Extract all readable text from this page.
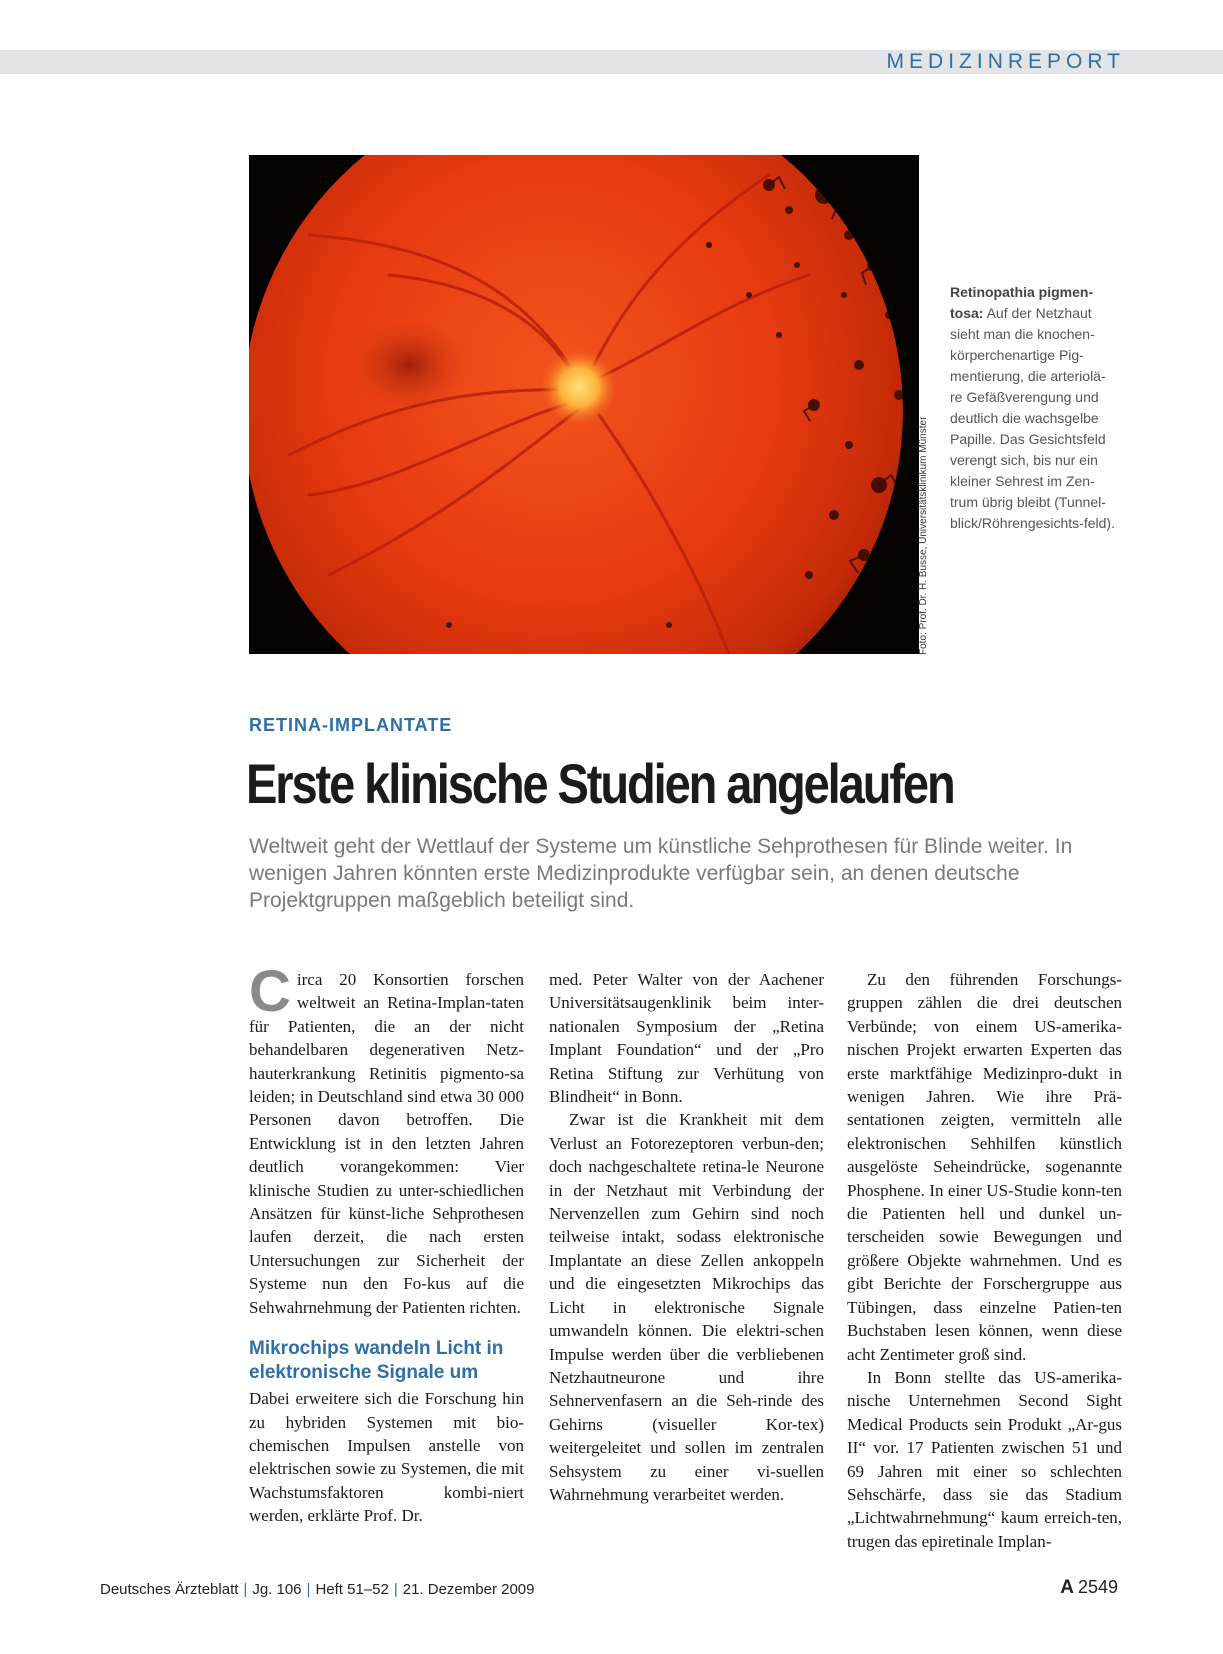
MEDIZINREPORT
Foto: Prof. Dr. H. Busse, Universitätsklinikum Münster
Retinopathia pigmen-tosa: Auf der Netzhaut sieht man die knochen-körperchenartige Pig-mentierung, die arteriolä-re Gefäßverengung und deutlich die wachsgelbe Papille. Das Gesichtsfeld verengt sich, bis nur ein kleiner Sehrest im Zen-trum übrig bleibt (Tunnel-blick/Röhrengesichts-feld).
RETINA-IMPLANTATE
Erste klinische Studien angelaufen
Weltweit geht der Wettlauf der Systeme um künstliche Sehprothesen für Blinde weiter. In wenigen Jahren könnten erste Medizinprodukte verfügbar sein, an denen deutsche Projektgruppen maßgeblich beteiligt sind.

Circa 20 Konsortien forschen weltweit an Retina-Implan-taten für Patienten, die an der nicht behandelbaren degenerativen Netz-hauterkrankung Retinitis pigmento-sa leiden; in Deutschland sind etwa 30 000 Personen davon betroffen. Die Entwicklung ist in den letzten Jahren deutlich vorangekommen: Vier klinische Studien zu unter-schiedlichen Ansätzen für künst-liche Sehprothesen laufen derzeit, die nach ersten Untersuchungen zur Sicherheit der Systeme nun den Fo-kus auf die Sehwahrnehmung der Patienten richten.

Mikrochips wandeln Licht in elektronische Signale um

Dabei erweitere sich die Forschung hin zu hybriden Systemen mit bio-chemischen Impulsen anstelle von elektrischen sowie zu Systemen, die mit Wachstumsfaktoren kombi-niert werden, erklärte Prof. Dr.

med. Peter Walter von der Aachener Universitätsaugenklinik beim inter-nationalen Symposium der „Retina Implant Foundation“ und der „Pro Retina Stiftung zur Verhütung von Blindheit“ in Bonn.

Zwar ist die Krankheit mit dem Verlust an Fotorezeptoren verbun-den; doch nachgeschaltete retina-le Neurone in der Netzhaut mit Verbindung der Nervenzellen zum Gehirn sind noch teilweise intakt, sodass elektronische Implantate an diese Zellen ankoppeln und die eingesetzten Mikrochips das Licht in elektronische Signale umwandeln können. Die elektri-schen Impulse werden über die verbliebenen Netzhautneurone und ihre Sehnervenfasern an die Seh-rinde des Gehirns (visueller Kor-tex) weitergeleitet und sollen im zentralen Sehsystem zu einer vi-suellen Wahrnehmung verarbeitet werden.

Zu den führenden Forschungs-gruppen zählen die drei deutschen Verbünde; von einem US-amerika-nischen Projekt erwarten Experten das erste marktfähige Medizinpro-dukt in wenigen Jahren. Wie ihre Prä-sentationen zeigten, vermitteln alle elektronischen Sehhilfen künstlich ausgelöste Seheindrücke, sogenannte Phosphene. In einer US-Studie konn-ten die Patienten hell und dunkel un-terscheiden sowie Bewegungen und größere Objekte wahrnehmen. Und es gibt Berichte der Forschergruppe aus Tübingen, dass einzelne Patien-ten Buchstaben lesen können, wenn diese acht Zentimeter groß sind.

In Bonn stellte das US-amerika-nische Unternehmen Second Sight Medical Products sein Produkt „Ar-gus II“ vor. 17 Patienten zwischen 51 und 69 Jahren mit einer so schlechten Sehschärfe, dass sie das Stadium „Lichtwahrnehmung“ kaum erreich-ten, trugen das epiretinale Implan-

Deutsches Ärzteblatt | Jg. 106 | Heft 51–52 | 21. Dezember 2009	A 2549
